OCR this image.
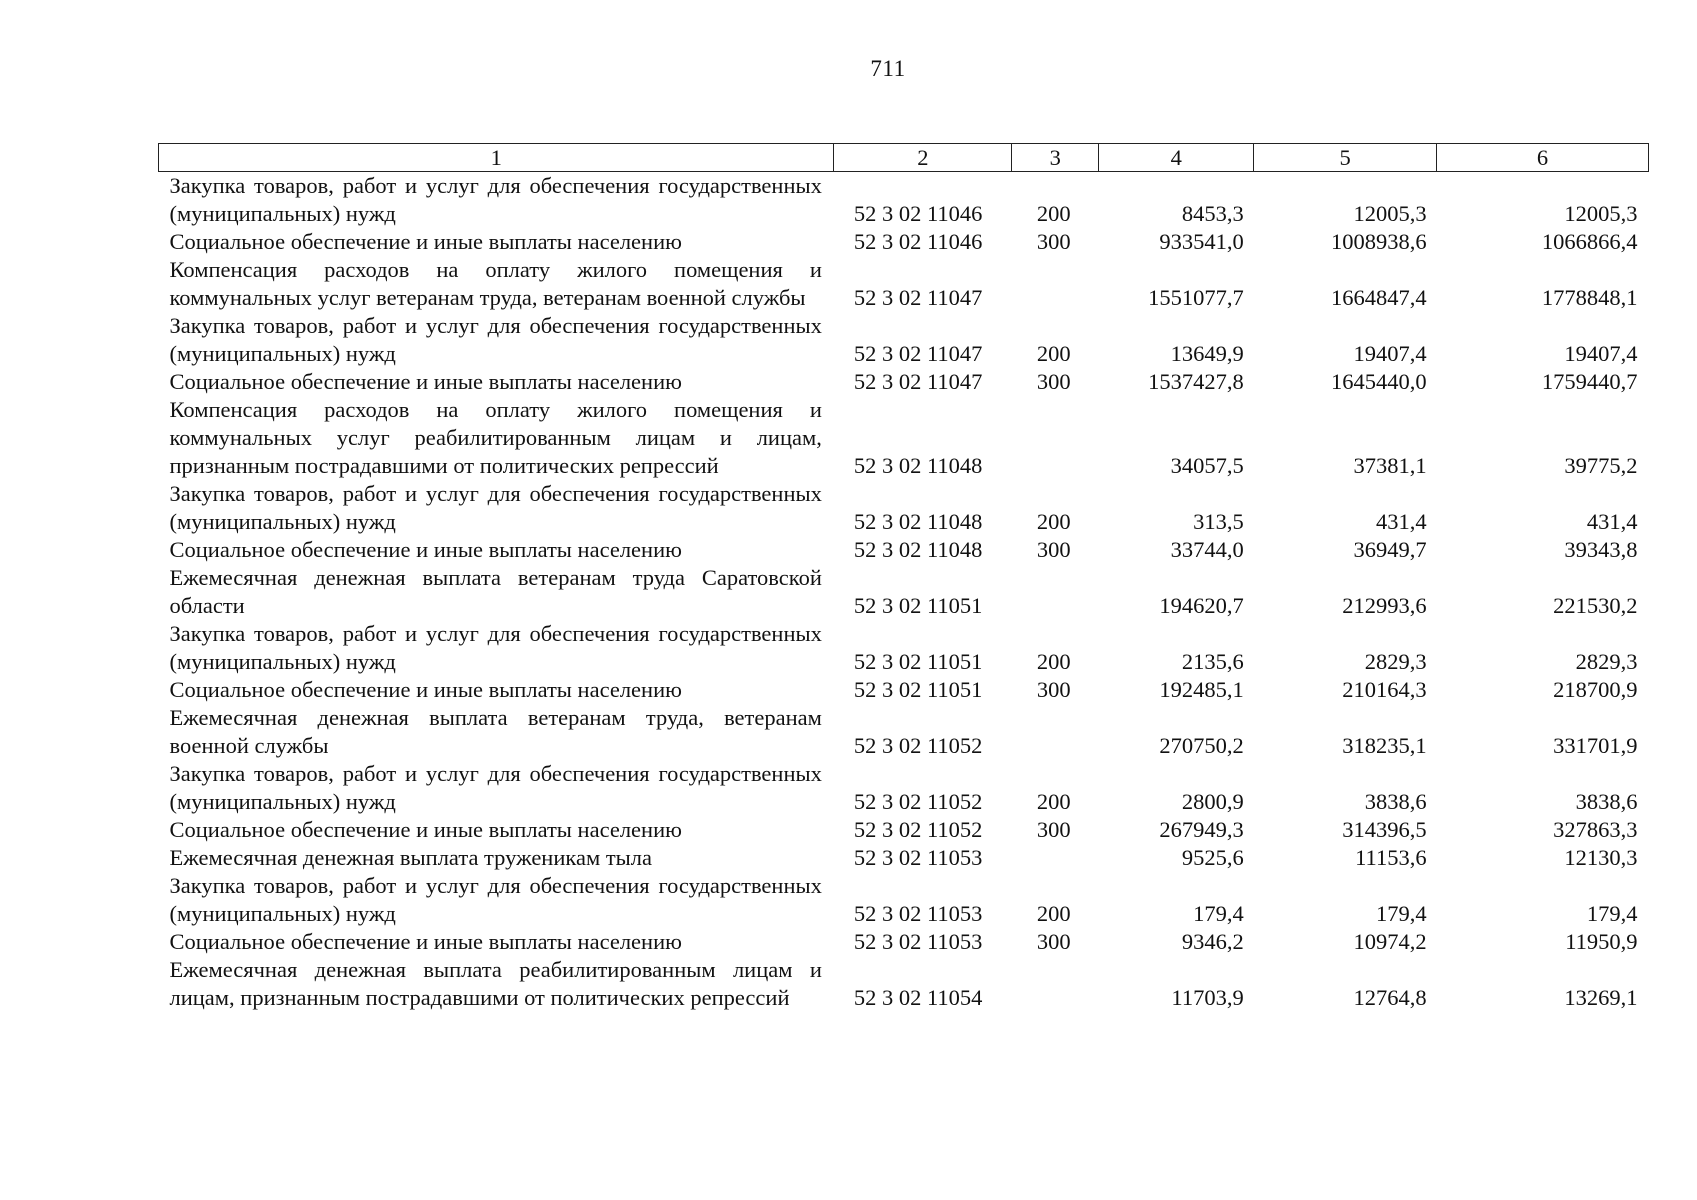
711
1	2	3	4	5	6
Закупка товаров, работ и услуг для обеспечения государственных (муниципальных) нужд	52 3 02 11046	200	8453,3	12005,3	12005,3
Социальное обеспечение и иные выплаты населению	52 3 02 11046	300	933541,0	1008938,6	1066866,4
Компенсация расходов на оплату жилого помещения и коммунальных услуг ветеранам труда, ветеранам военной службы	52 3 02 11047		1551077,7	1664847,4	1778848,1
Закупка товаров, работ и услуг для обеспечения государственных (муниципальных) нужд	52 3 02 11047	200	13649,9	19407,4	19407,4
Социальное обеспечение и иные выплаты населению	52 3 02 11047	300	1537427,8	1645440,0	1759440,7
Компенсация расходов на оплату жилого помещения и коммунальных услуг реабилитированным лицам и лицам, признанным пострадавшими от политических репрессий	52 3 02 11048		34057,5	37381,1	39775,2
Закупка товаров, работ и услуг для обеспечения государственных (муниципальных) нужд	52 3 02 11048	200	313,5	431,4	431,4
Социальное обеспечение и иные выплаты населению	52 3 02 11048	300	33744,0	36949,7	39343,8
Ежемесячная денежная выплата ветеранам труда Саратовской области	52 3 02 11051		194620,7	212993,6	221530,2
Закупка товаров, работ и услуг для обеспечения государственных (муниципальных) нужд	52 3 02 11051	200	2135,6	2829,3	2829,3
Социальное обеспечение и иные выплаты населению	52 3 02 11051	300	192485,1	210164,3	218700,9
Ежемесячная денежная выплата ветеранам труда, ветеранам военной службы	52 3 02 11052		270750,2	318235,1	331701,9
Закупка товаров, работ и услуг для обеспечения государственных (муниципальных) нужд	52 3 02 11052	200	2800,9	3838,6	3838,6
Социальное обеспечение и иные выплаты населению	52 3 02 11052	300	267949,3	314396,5	327863,3
Ежемесячная денежная выплата труженикам тыла	52 3 02 11053		9525,6	11153,6	12130,3
Закупка товаров, работ и услуг для обеспечения государственных (муниципальных) нужд	52 3 02 11053	200	179,4	179,4	179,4
Социальное обеспечение и иные выплаты населению	52 3 02 11053	300	9346,2	10974,2	11950,9
Ежемесячная денежная выплата реабилитированным лицам и лицам, признанным пострадавшими от политических репрессий	52 3 02 11054		11703,9	12764,8	13269,1
